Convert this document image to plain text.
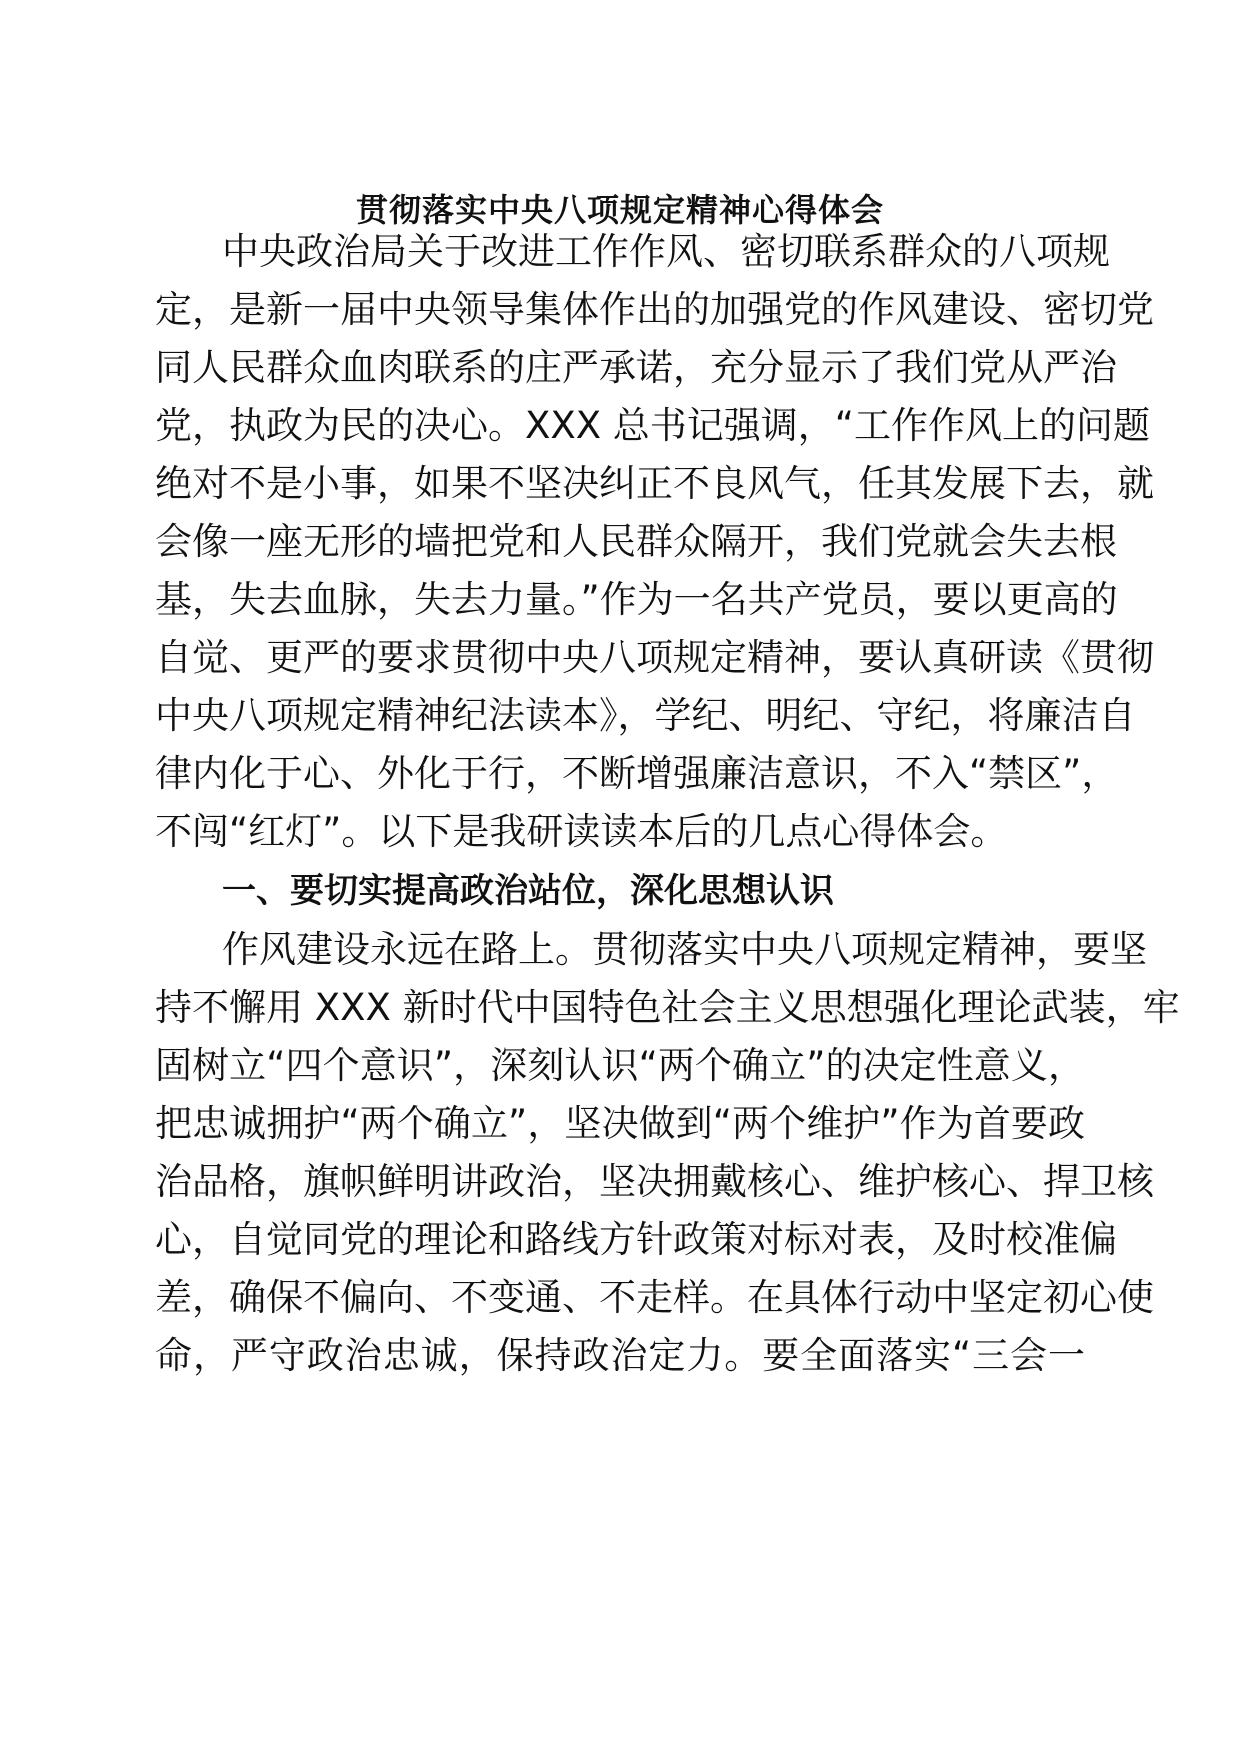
贯彻落实中央八项规定精神心得体会

中央政治局关于改进工作作风、密切联系群众的八项规

定，是新一届中央领导集体作出的加强党的作风建设、密切党

同人民群众血肉联系的庄严承诺，充分显示了我们党从严治

党，执政为民的决心。XXX 总书记强调，“工作作风上的问题

绝对不是小事，如果不坚决纠正不良风气，任其发展下去，就

会像一座无形的墙把党和人民群众隔开，我们党就会失去根

基，失去血脉，失去力量。”作为一名共产党员，要以更高的

自觉、更严的要求贯彻中央八项规定精神，要认真研读《贯彻

中央八项规定精神纪法读本》，学纪、明纪、守纪，将廉洁自

律内化于心、外化于行，不断增强廉洁意识，不入“禁区”，

不闯“红灯”。以下是我研读读本后的几点心得体会。

一、要切实提高政治站位，深化思想认识

作风建设永远在路上。贯彻落实中央八项规定精神，要坚

持不懈用 XXX 新时代中国特色社会主义思想强化理论武装，牢

固树立“四个意识”，深刻认识“两个确立”的决定性意义，

把忠诚拥护“两个确立”，坚决做到“两个维护”作为首要政

治品格，旗帜鲜明讲政治，坚决拥戴核心、维护核心、捍卫核

心，自觉同党的理论和路线方针政策对标对表，及时校准偏

差，确保不偏向、不变通、不走样。在具体行动中坚定初心使

命，严守政治忠诚，保持政治定力。要全面落实“三会一
